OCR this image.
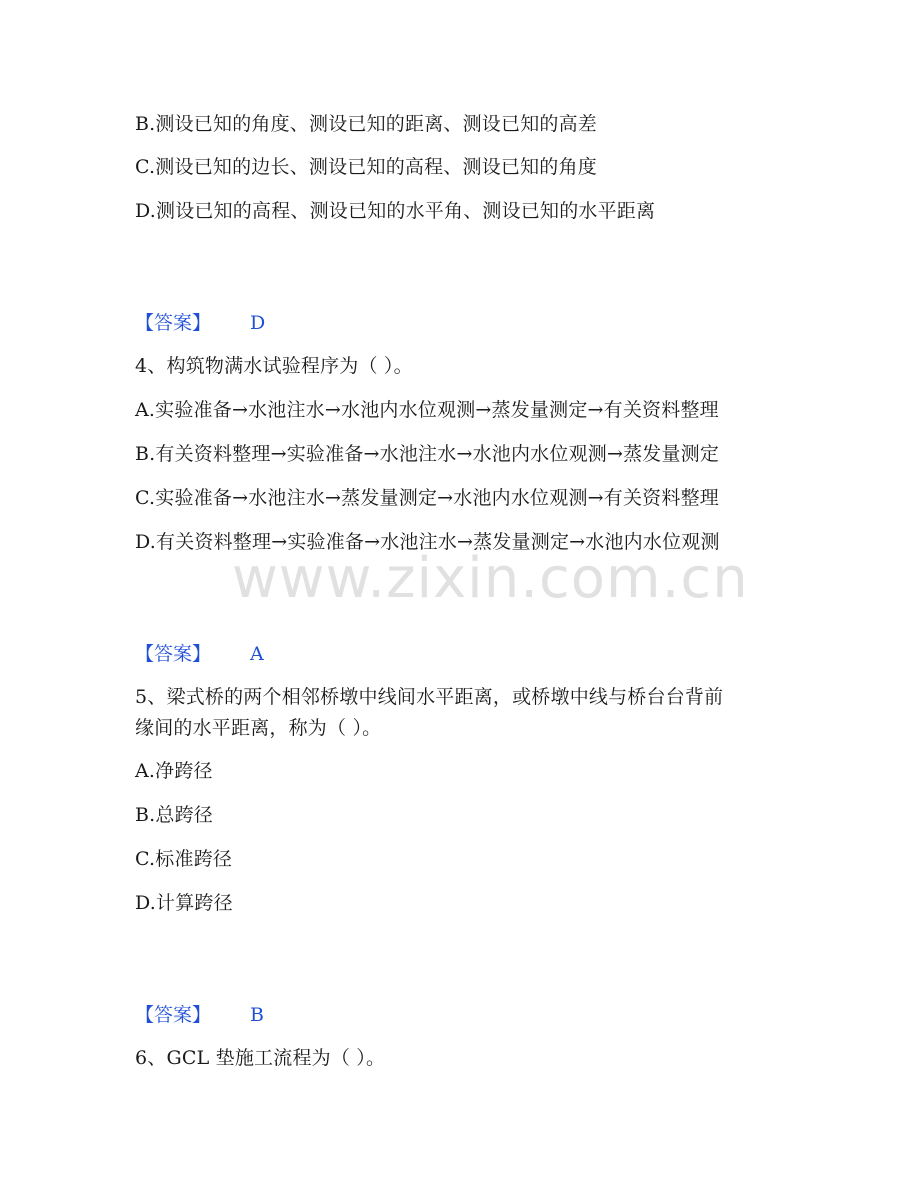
B.测设已知的角度、测设已知的距离、测设已知的高差
C.测设已知的边长、测设已知的高程、测设已知的角度
D.测设已知的高程、测设已知的水平角、测设已知的水平距离
【答案】 D
4、构筑物满水试验程序为（ ）。
A.实验准备→水池注水→水池内水位观测→蒸发量测定→有关资料整理
B.有关资料整理→实验准备→水池注水→水池内水位观测→蒸发量测定
C.实验准备→水池注水→蒸发量测定→水池内水位观测→有关资料整理
D.有关资料整理→实验准备→水池注水→蒸发量测定→水池内水位观测
www.zixin.com.cn
【答案】 A
5、梁式桥的两个相邻桥墩中线间水平距离，或桥墩中线与桥台台背前
缘间的水平距离，称为（ ）。
A.净跨径
B.总跨径
C.标准跨径
D.计算跨径
【答案】 B
6、GCL 垫施工流程为（ ）。
